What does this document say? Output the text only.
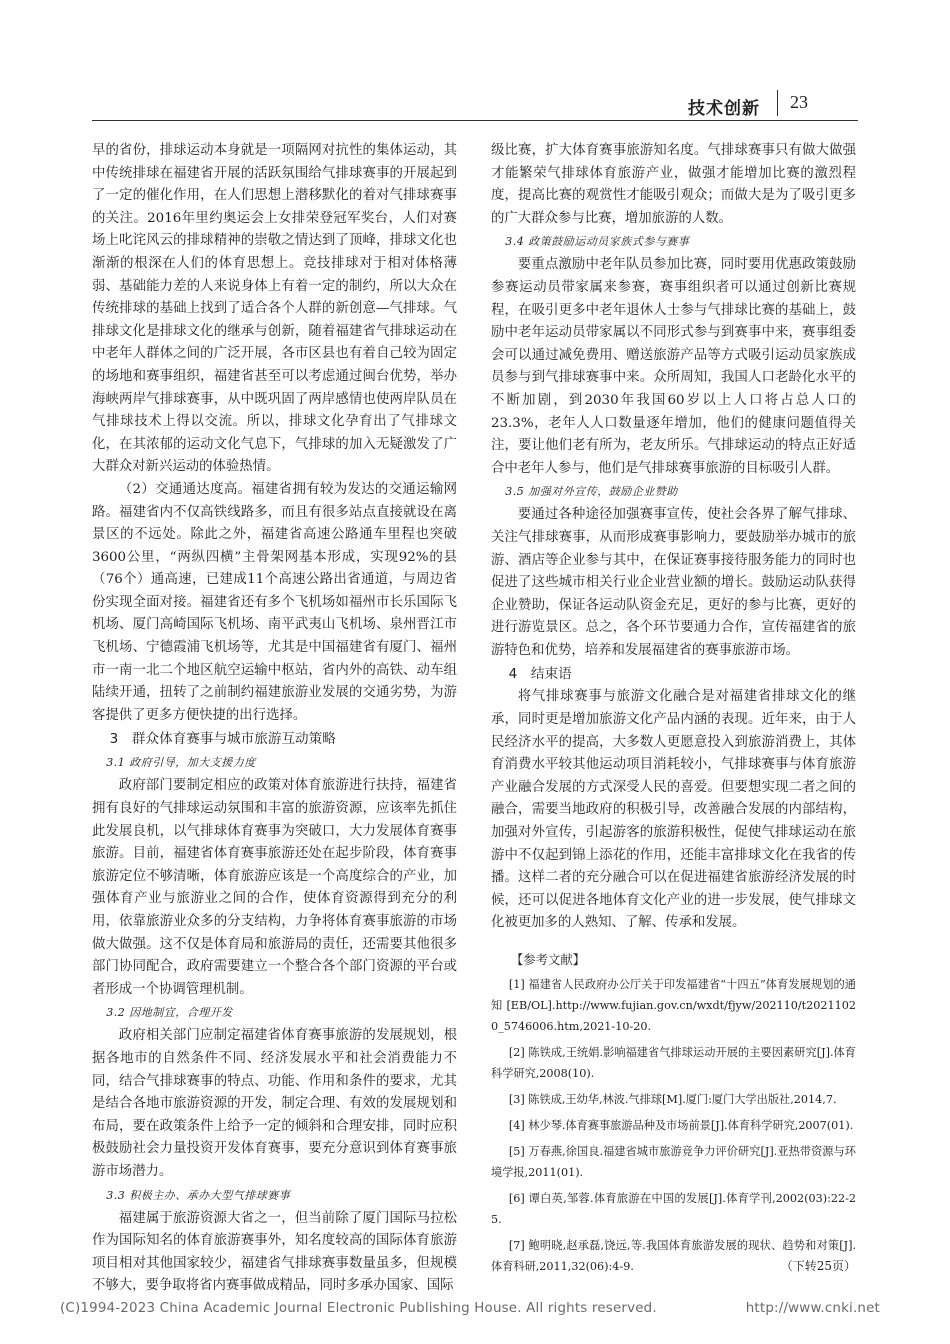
技术创新 23

早的省份，排球运动本身就是一项隔网对抗性的集体运动，其中传统排球在福建省开展的活跃氛围给气排球赛事的开展起到了一定的催化作用，在人们思想上潜移默化的着对气排球赛事的关注。2016年里约奥运会上女排荣登冠军奖台，人们对赛场上叱诧风云的排球精神的崇敬之情达到了顶峰，排球文化也渐渐的根深在人们的体育思想上。竞技排球对于相对体格薄弱、基础能力差的人来说身体上有着一定的制约，所以大众在传统排球的基础上找到了适合各个人群的新创意—气排球。气排球文化是排球文化的继承与创新，随着福建省气排球运动在中老年人群体之间的广泛开展，各市区县也有着自己较为固定的场地和赛事组织，福建省甚至可以考虑通过闽台优势，举办海峡两岸气排球赛事，从中既巩固了两岸感情也使两岸队员在气排球技术上得以交流。所以，排球文化孕育出了气排球文化，在其浓郁的运动文化气息下，气排球的加入无疑激发了广大群众对新兴运动的体验热情。

（2）交通通达度高。福建省拥有较为发达的交通运输网路。福建省内不仅高铁线路多，而且有很多站点直接就设在离景区的不远处。除此之外，福建省高速公路通车里程也突破3600公里，“两纵四横”主骨架网基本形成，实现92%的县（76个）通高速，已建成11个高速公路出省通道，与周边省份实现全面对接。福建省还有多个飞机场如福州市长乐国际飞机场、厦门高崎国际飞机场、南平武夷山飞机场、泉州晋江市飞机场、宁德霞浦飞机场等，尤其是中国福建省有厦门、福州市一南一北二个地区航空运输中枢站，省内外的高铁、动车组陆续开通，扭转了之前制约福建旅游业发展的交通劣势，为游客提供了更多方便快捷的出行选择。

3　群众体育赛事与城市旅游互动策略
3.1 政府引导，加大支援力度

政府部门要制定相应的政策对体育旅游进行扶持，福建省拥有良好的气排球运动氛围和丰富的旅游资源，应该率先抓住此发展良机，以气排球体育赛事为突破口，大力发展体育赛事旅游。目前，福建省体育赛事旅游还处在起步阶段，体育赛事旅游定位不够清晰，体育旅游应该是一个高度综合的产业，加强体育产业与旅游业之间的合作，使体育资源得到充分的利用，依靠旅游业众多的分支结构，力争将体育赛事旅游的市场做大做强。这不仅是体育局和旅游局的责任，还需要其他很多部门协同配合，政府需要建立一个整合各个部门资源的平台或者形成一个协调管理机制。

3.2 因地制宜，合理开发

政府相关部门应制定福建省体育赛事旅游的发展规划，根据各地市的自然条件不同、经济发展水平和社会消费能力不同，结合气排球赛事的特点、功能、作用和条件的要求，尤其是结合各地市旅游资源的开发，制定合理、有效的发展规划和布局，要在政策条件上给予一定的倾斜和合理安排，同时应积极鼓励社会力量投资开发体育赛事，要充分意识到体育赛事旅游市场潜力。

3.3 积极主办、承办大型气排球赛事

福建属于旅游资源大省之一，但当前除了厦门国际马拉松作为国际知名的体育旅游赛事外，知名度较高的国际体育旅游项目相对其他国家较少，福建省气排球赛事数量虽多，但规模不够大，要争取将省内赛事做成精品，同时多承办国家、国际

级比赛，扩大体育赛事旅游知名度。气排球赛事只有做大做强才能繁荣气排球体育旅游产业，做强才能增加比赛的激烈程度，提高比赛的观赏性才能吸引观众；而做大是为了吸引更多的广大群众参与比赛，增加旅游的人数。

3.4 政策鼓励运动员家族式参与赛事

要重点激励中老年队员参加比赛，同时要用优惠政策鼓励参赛运动员带家属来参赛，赛事组织者可以通过创新比赛规程，在吸引更多中老年退休人士参与气排球比赛的基础上，鼓励中老年运动员带家属以不同形式参与到赛事中来，赛事组委会可以通过减免费用、赠送旅游产品等方式吸引运动员家族成员参与到气排球赛事中来。众所周知，我国人口老龄化水平的不断加剧，到2030年我国60岁以上人口将占总人口的23.3%，老年人人口数量逐年增加，他们的健康问题值得关注，要让他们老有所为，老友所乐。气排球运动的特点正好适合中老年人参与，他们是气排球赛事旅游的目标吸引人群。

3.5 加强对外宣传，鼓励企业赞助

要通过各种途径加强赛事宣传，使社会各界了解气排球、关注气排球赛事，从而形成赛事影响力，要鼓励举办城市的旅游、酒店等企业参与其中，在保证赛事接待服务能力的同时也促进了这些城市相关行业企业营业额的增长。鼓励运动队获得企业赞助，保证各运动队资金充足，更好的参与比赛，更好的进行游览景区。总之，各个环节要通力合作，宣传福建省的旅游特色和优势，培养和发展福建省的赛事旅游市场。

4　结束语

将气排球赛事与旅游文化融合是对福建省排球文化的继承，同时更是增加旅游文化产品内涵的表现。近年来，由于人民经济水平的提高，大多数人更愿意投入到旅游消费上，其体育消费水平较其他运动项目消耗较小，气排球赛事与体育旅游产业融合发展的方式深受人民的喜爱。但要想实现二者之间的融合，需要当地政府的积极引导，改善融合发展的内部结构，加强对外宣传，引起游客的旅游积极性，促使气排球运动在旅游中不仅起到锦上添花的作用，还能丰富排球文化在我省的传播。这样二者的充分融合可以在促进福建省旅游经济发展的时候，还可以促进各地体育文化产业的进一步发展，使气排球文化被更加多的人熟知、了解、传承和发展。

【参考文献】

[1] 福建省人民政府办公厅关于印发福建省“十四五”体育发展规划的通知[EB/OL].http://www.fujian.gov.cn/wxdt/fjyw/202110/t20211020_5746006.htm,2021-10-20.

[2] 陈铁成,王统娟.影响福建省气排球运动开展的主要因素研究[J].体育科学研究,2008(10).

[3] 陈铁成,王幼华,林波.气排球[M].厦门:厦门大学出版社,2014,7.

[4] 林少琴.体育赛事旅游品种及市场前景[J].体育科学研究,2007(01).

[5] 万春燕,徐国良.福建省城市旅游竞争力评价研究[J].亚热带资源与环境学报,2011(01).

[6] 谭白英,邹蓉.体育旅游在中国的发展[J].体育学刊,2002(03):22-25.

[7] 鲍明晓,赵承磊,饶远,等.我国体育旅游发展的现状、趋势和对策[J].体育科研,2011,32(06):4-9.	（下转25页）

(C)1994-2023 China Academic Journal Electronic Publishing House. All rights reserved.	http://www.cnki.net
